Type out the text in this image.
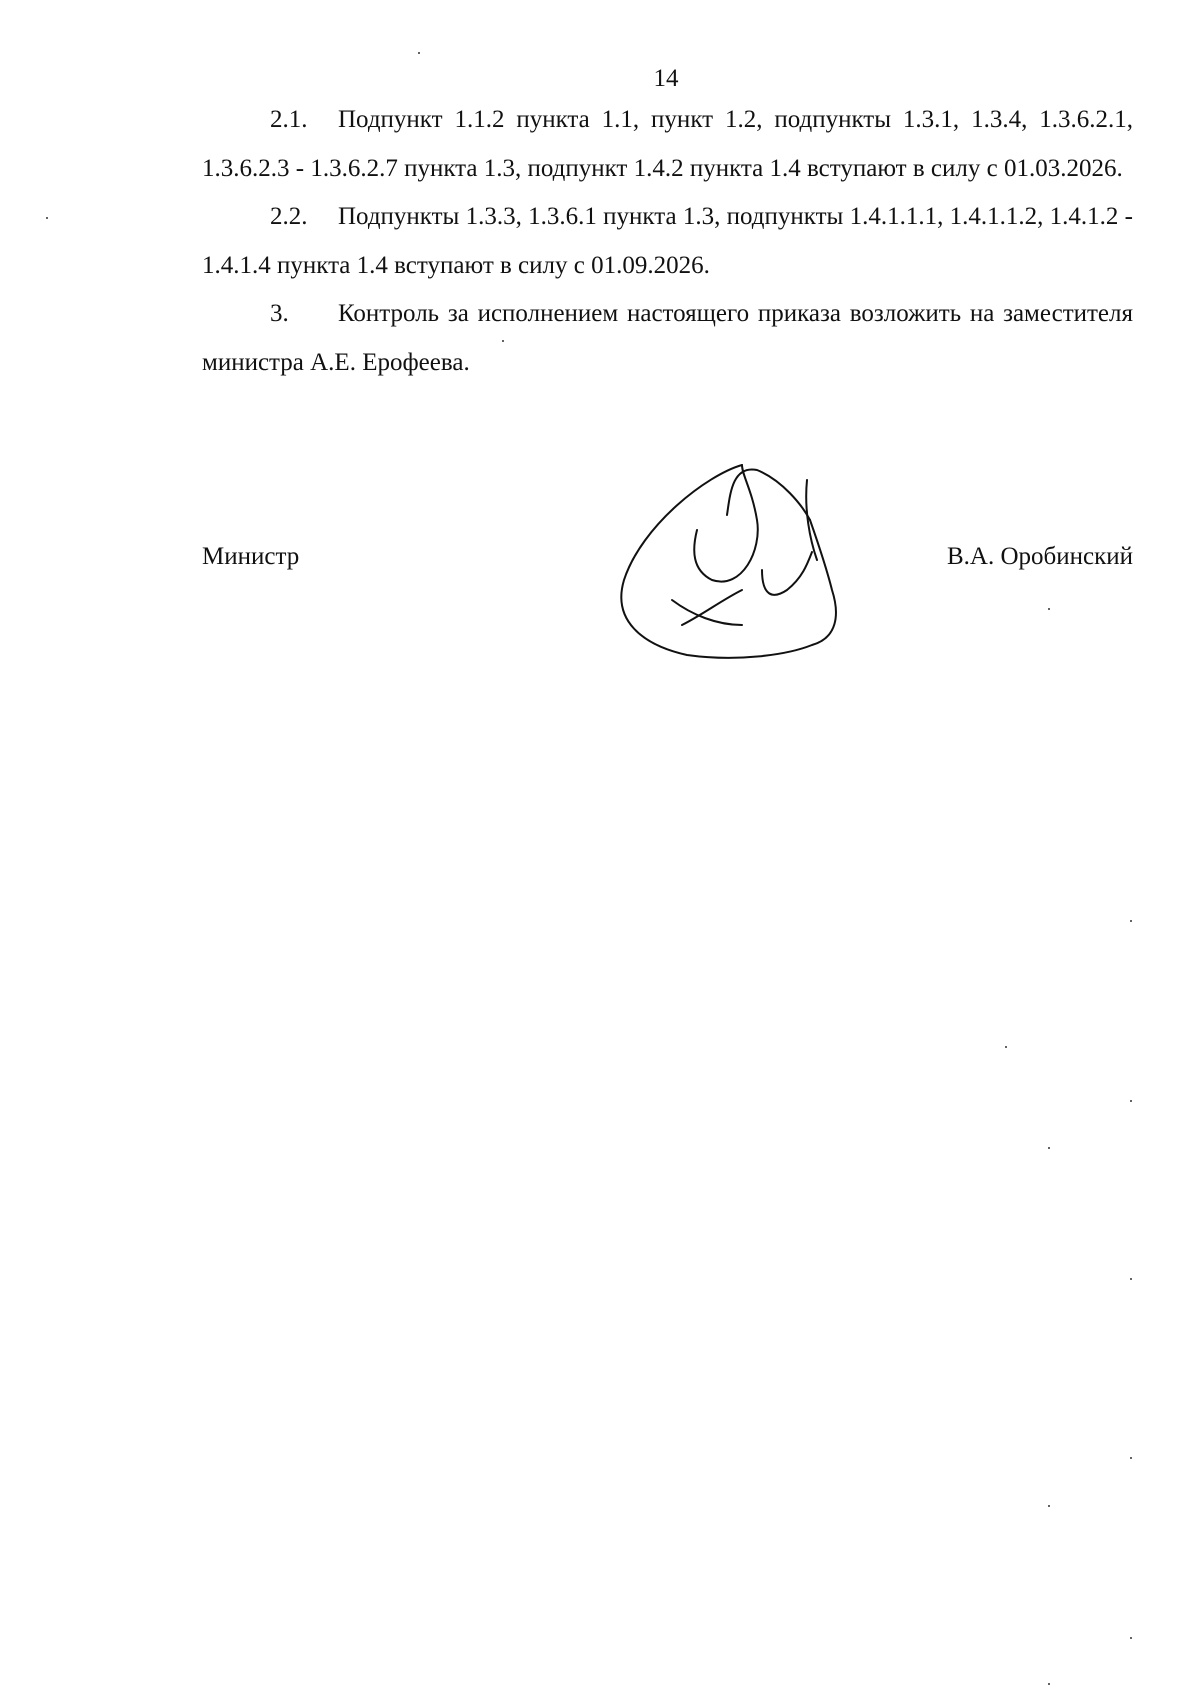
14

2.1. Подпункт 1.1.2 пункта 1.1, пункт 1.2, подпункты 1.3.1, 1.3.4, 1.3.6.2.1, 1.3.6.2.3 - 1.3.6.2.7 пункта 1.3, подпункт 1.4.2 пункта 1.4 вступают в силу с 01.03.2026.

2.2. Подпункты 1.3.3, 1.3.6.1 пункта 1.3, подпункты 1.4.1.1.1, 1.4.1.1.2, 1.4.1.2 - 1.4.1.4 пункта 1.4 вступают в силу с 01.09.2026.

3. Контроль за исполнением настоящего приказа возложить на заместителя министра А.Е. Ерофеева.

Министр	В.А. Оробинский
